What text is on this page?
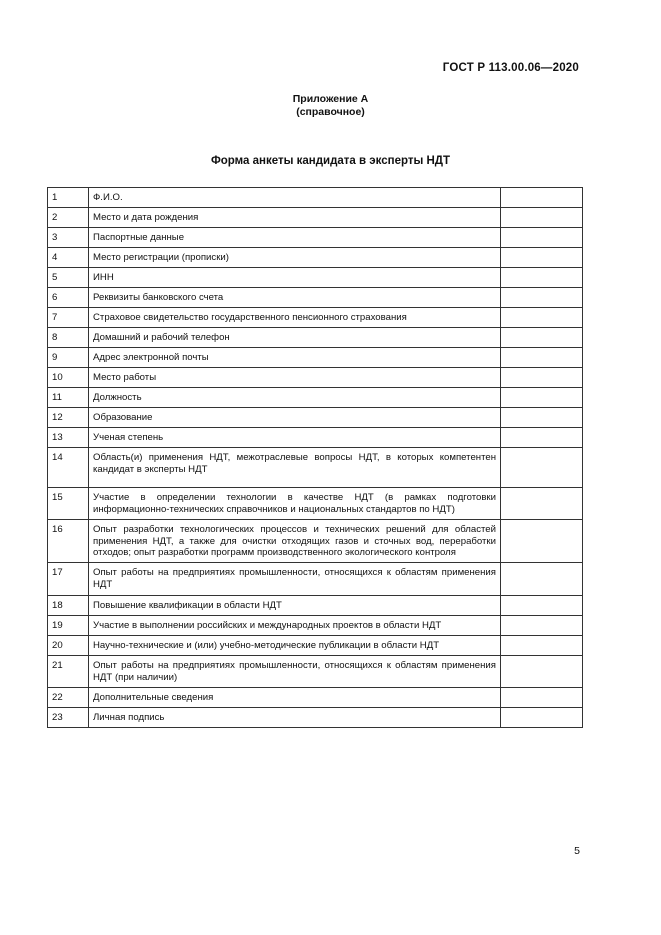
ГОСТ Р 113.00.06—2020
Приложение А
(справочное)
Форма анкеты кандидата в эксперты НДТ
1	Ф.И.О.	
2	Место и дата рождения	
3	Паспортные данные	
4	Место регистрации (прописки)	
5	ИНН	
6	Реквизиты банковского счета	
7	Страховое свидетельство государственного пенсионного страхования	
8	Домашний и рабочий телефон	
9	Адрес электронной почты	
10	Место работы	
11	Должность	
12	Образование	
13	Ученая степень	
14	Область(и) применения НДТ, межотраслевые вопросы НДТ, в которых компетентен кандидат в эксперты НДТ	
15	Участие в определении технологии в качестве НДТ (в рамках подготовки информационно-технических справочников и национальных стандартов по НДТ)	
16	Опыт разработки технологических процессов и технических решений для областей применения НДТ, а также для очистки отходящих газов и сточных вод, переработки отходов; опыт разработки программ производственного экологического контроля	
17	Опыт работы на предприятиях промышленности, относящихся к областям применения НДТ	
18	Повышение квалификации в области НДТ	
19	Участие в выполнении российских и международных проектов в области НДТ	
20	Научно-технические и (или) учебно-методические публикации в области НДТ	
21	Опыт работы на предприятиях промышленности, относящихся к областям применения НДТ (при наличии)	
22	Дополнительные сведения	
23	Личная подпись	
5
